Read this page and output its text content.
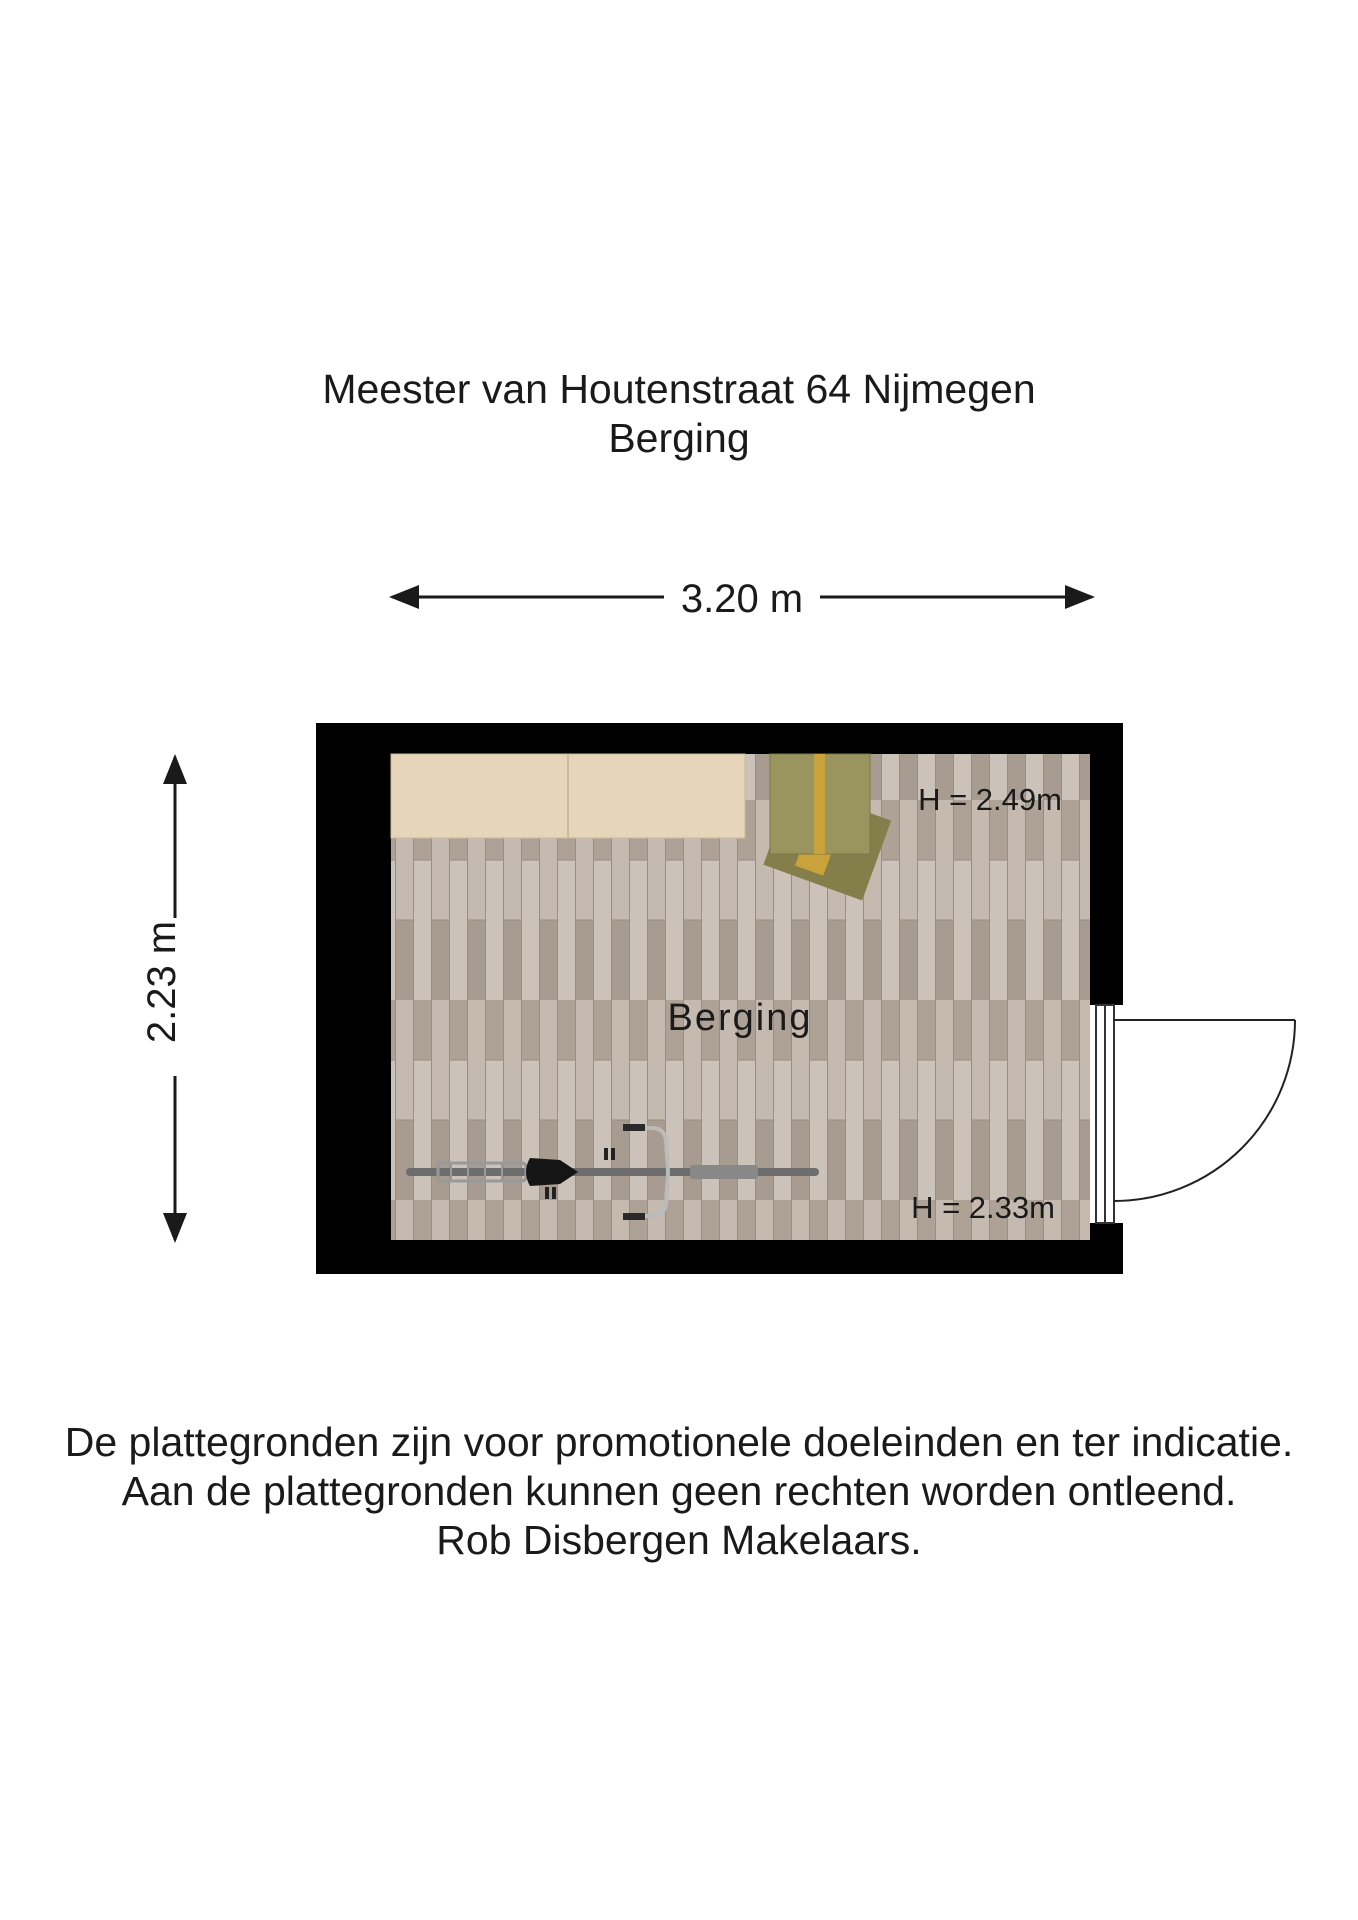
Meester van Houtenstraat 64 Nijmegen
Berging
3.20 m
2.23 m	Berging
H = 2.49m
H = 2.33m
De plattegronden zijn voor promotionele doeleinden en ter indicatie.
Aan de plattegronden kunnen geen rechten worden ontleend.
Rob Disbergen Makelaars.
